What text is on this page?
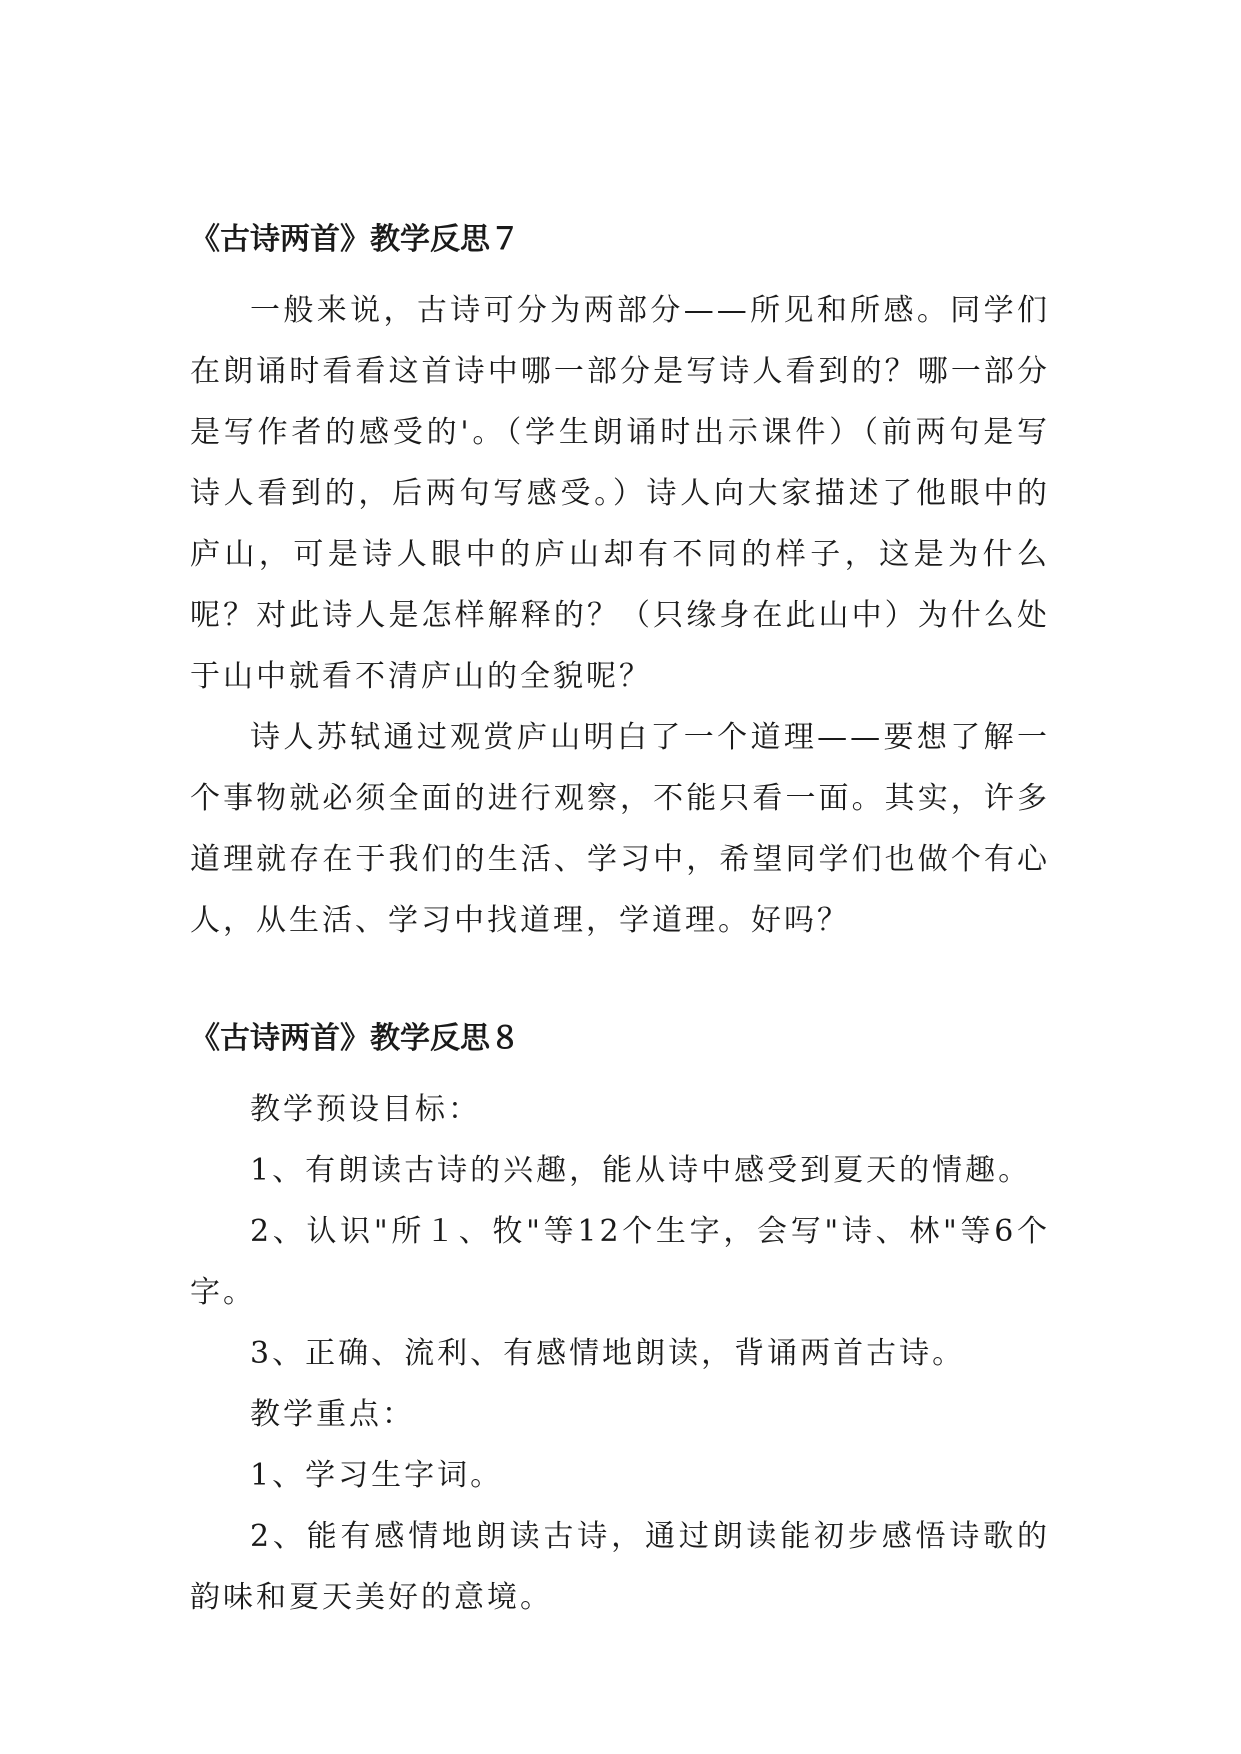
《古诗两首》教学反思７

一般来说，古诗可分为两部分——所见和所感。同学们在朗诵时看看这首诗中哪一部分是写诗人看到的？哪一部分是写作者的感受的'。（学生朗诵时出示课件）（前两句是写诗人看到的，后两句写感受。）诗人向大家描述了他眼中的庐山，可是诗人眼中的庐山却有不同的样子，这是为什么呢？对此诗人是怎样解释的？（只缘身在此山中）为什么处于山中就看不清庐山的全貌呢？

诗人苏轼通过观赏庐山明白了一个道理——要想了解一个事物就必须全面的进行观察，不能只看一面。其实，许多道理就存在于我们的生活、学习中，希望同学们也做个有心人，从生活、学习中找道理，学道理。好吗？

《古诗两首》教学反思８

教学预设目标：

1、有朗读古诗的兴趣，能从诗中感受到夏天的情趣。

2、认识"所１、牧"等12个生字，会写"诗、林"等6个字。

3、正确、流利、有感情地朗读，背诵两首古诗。

教学重点：

1、学习生字词。

2、能有感情地朗读古诗，通过朗读能初步感悟诗歌的韵味和夏天美好的意境。
